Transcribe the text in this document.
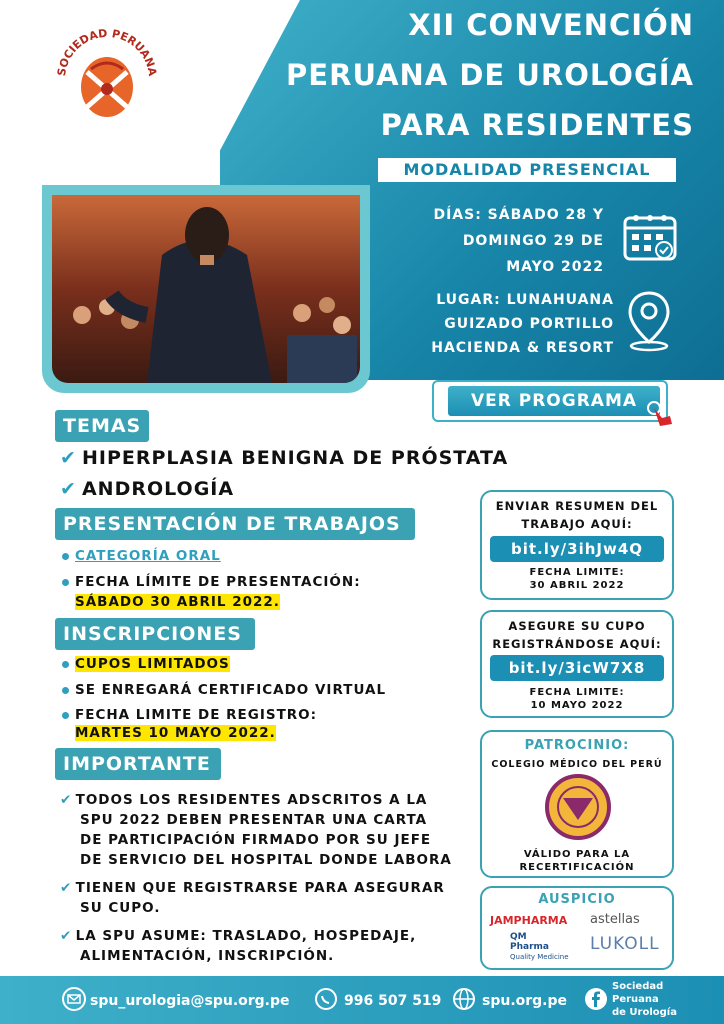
SOCIEDAD PERUANA
XII CONVENCIÓN
PERUANA DE UROLOGÍA
PARA RESIDENTES
MODALIDAD PRESENCIAL
DÍAS: SÁBADO 28 Y
DOMINGO 29 DE
MAYO 2022
LUGAR: LUNAHUANA
GUIZADO PORTILLO
HACIENDA & RESORT
VER PROGRAMA
TEMAS
✔ HIPERPLASIA BENIGNA DE PRÓSTATA
✔ ANDROLOGÍA
PRESENTACIÓN DE TRABAJOS
CATEGORÍA ORAL
FECHA LÍMITE DE PRESENTACIÓN:
SÁBADO 30 ABRIL 2022.
INSCRIPCIONES
CUPOS LIMITADOS
SE ENREGARÁ CERTIFICADO VIRTUAL
FECHA LIMITE DE REGISTRO:
MARTES 10 MAYO 2022.
IMPORTANTE
✔ TODOS LOS RESIDENTES ADSCRITOS A LA
SPU 2022 DEBEN PRESENTAR UNA CARTA
DE PARTICIPACIÓN FIRMADO POR SU JEFE
DE SERVICIO DEL HOSPITAL DONDE LABORA
✔ TIENEN QUE REGISTRARSE PARA ASEGURAR
SU CUPO.
✔ LA SPU ASUME: TRASLADO, HOSPEDAJE,
ALIMENTACIÓN, INSCRIPCIÓN.
ENVIAR RESUMEN DEL
TRABAJO AQUÍ:
bit.ly/3ihJw4Q
FECHA LIMITE:
30 ABRIL 2022
ASEGURE SU CUPO
REGISTRÁNDOSE AQUÍ:
bit.ly/3icW7X8
FECHA LIMITE:
10 MAYO 2022
PATROCINIO:
COLEGIO MÉDICO DEL PERÚ
VÁLIDO PARA LA
RECERTIFICACIÓN
AUSPICIO
JAMPHARMA astellas
QM
Pharma
Quality Medicine
LUKOLL
spu_urologia@spu.org.pe	996 507 519	spu.org.pe
Sociedad
Peruana
de Urología
